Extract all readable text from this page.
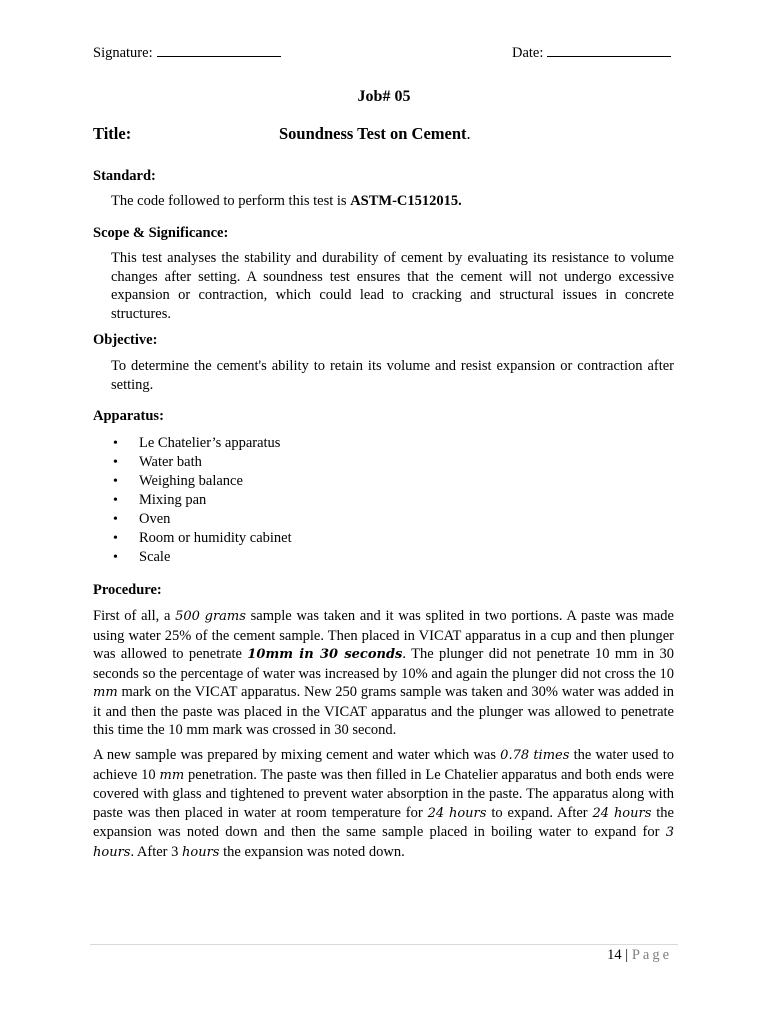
Signature:	Date:
Job# 05
Title:	Soundness Test on Cement.
Standard:
The code followed to perform this test is ASTM-C1512015.
Scope & Significance:
This test analyses the stability and durability of cement by evaluating its resistance to volume changes after setting. A soundness test ensures that the cement will not undergo excessive expansion or contraction, which could lead to cracking and structural issues in concrete structures.
Objective:
To determine the cement's ability to retain its volume and resist expansion or contraction after setting.
Apparatus:
• Le Chatelier’s apparatus
• Water bath
• Weighing balance
• Mixing pan
• Oven
• Room or humidity cabinet
• Scale
Procedure:
First of all, a 500 grams sample was taken and it was splited in two portions. A paste was made using water 25% of the cement sample. Then placed in VICAT apparatus in a cup and then plunger was allowed to penetrate 10mm in 30 seconds. The plunger did not penetrate 10 mm in 30 seconds so the percentage of water was increased by 10% and again the plunger did not cross the 10 mm mark on the VICAT apparatus. New 250 grams sample was taken and 30% water was added in it and then the paste was placed in the VICAT apparatus and the plunger was allowed to penetrate this time the 10 mm mark was crossed in 30 second.
A new sample was prepared by mixing cement and water which was 0.78 times the water used to achieve 10 mm penetration. The paste was then filled in Le Chatelier apparatus and both ends were covered with glass and tightened to prevent water absorption in the paste. The apparatus along with paste was then placed in water at room temperature for 24 hours to expand. After 24 hours the expansion was noted down and then the same sample placed in boiling water to expand for 3 hours. After 3 hours the expansion was noted down.
14 | Page
